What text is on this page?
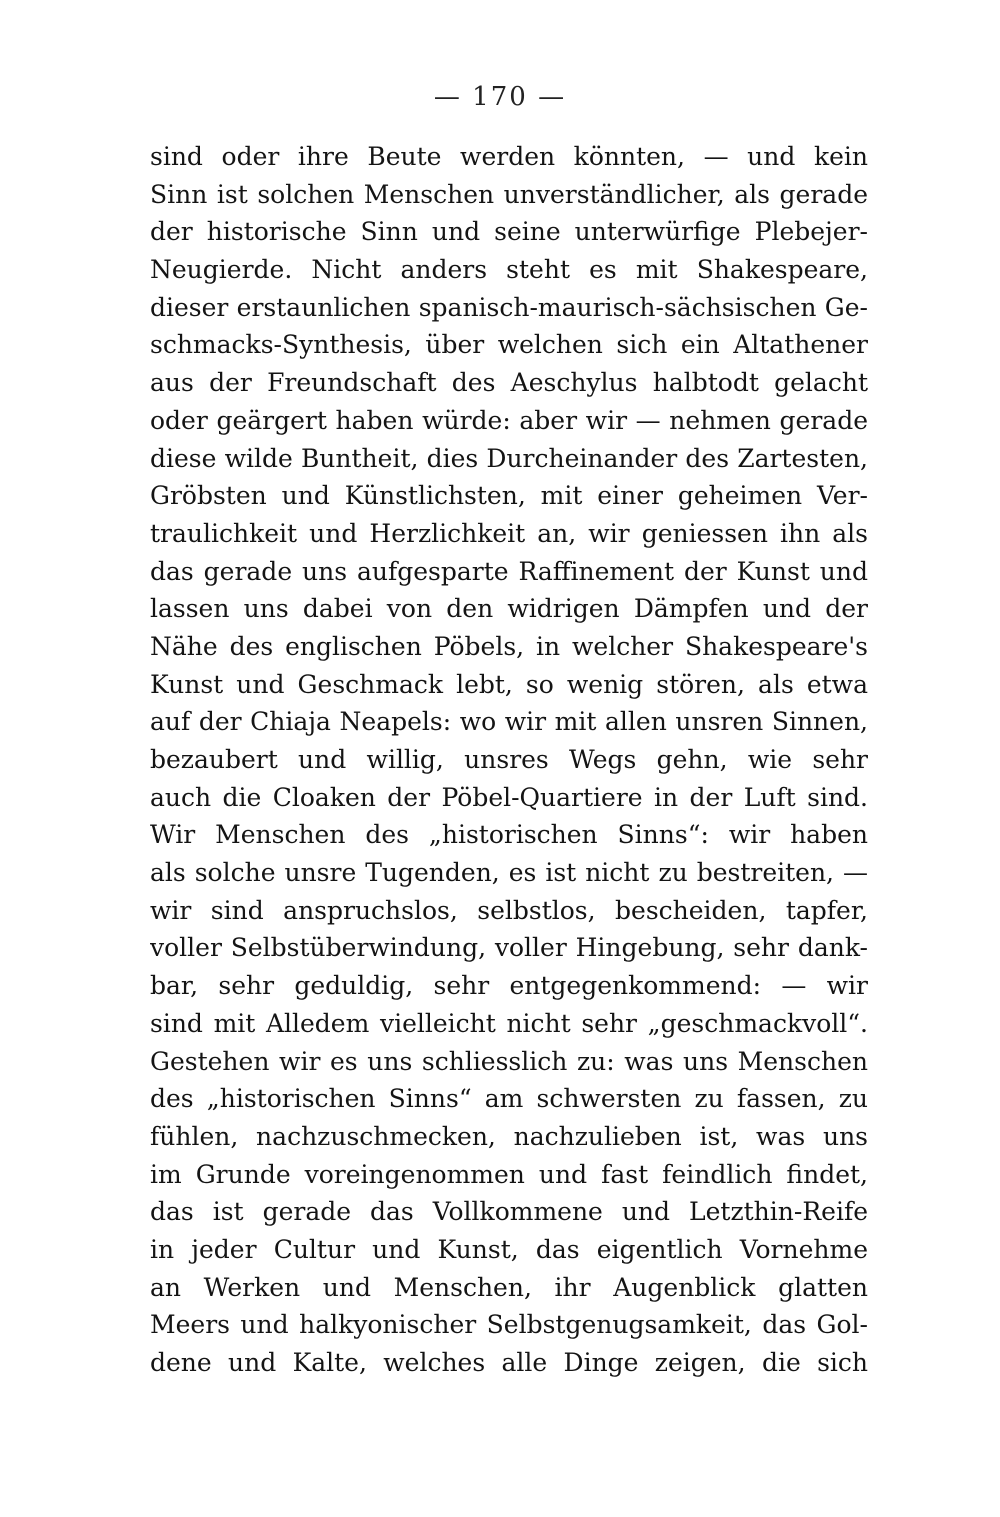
— 170 —
sind oder ihre Beute werden könnten, — und kein
Sinn ist solchen Menschen unverständlicher, als gerade
der historische Sinn und seine unterwürfige Plebejer-
Neugierde. Nicht anders steht es mit Shakespeare,
dieser erstaunlichen spanisch-maurisch-sächsischen Ge-
schmacks-Synthesis, über welchen sich ein Altathener
aus der Freundschaft des Aeschylus halbtodt gelacht
oder geärgert haben würde: aber wir — nehmen gerade
diese wilde Buntheit, dies Durcheinander des Zartesten,
Gröbsten und Künstlichsten, mit einer geheimen Ver-
traulichkeit und Herzlichkeit an, wir geniessen ihn als
das gerade uns aufgesparte Raffinement der Kunst und
lassen uns dabei von den widrigen Dämpfen und der
Nähe des englischen Pöbels, in welcher Shakespeare's
Kunst und Geschmack lebt, so wenig stören, als etwa
auf der Chiaja Neapels: wo wir mit allen unsren Sinnen,
bezaubert und willig, unsres Wegs gehn, wie sehr
auch die Cloaken der Pöbel-Quartiere in der Luft sind.
Wir Menschen des „historischen Sinns“: wir haben
als solche unsre Tugenden, es ist nicht zu bestreiten, —
wir sind anspruchslos, selbstlos, bescheiden, tapfer,
voller Selbstüberwindung, voller Hingebung, sehr dank-
bar, sehr geduldig, sehr entgegenkommend: — wir
sind mit Alledem vielleicht nicht sehr „geschmackvoll“.
Gestehen wir es uns schliesslich zu: was uns Menschen
des „historischen Sinns“ am schwersten zu fassen, zu
fühlen, nachzuschmecken, nachzulieben ist, was uns
im Grunde voreingenommen und fast feindlich findet,
das ist gerade das Vollkommene und Letzthin-Reife
in jeder Cultur und Kunst, das eigentlich Vornehme
an Werken und Menschen, ihr Augenblick glatten
Meers und halkyonischer Selbstgenugsamkeit, das Gol-
dene und Kalte, welches alle Dinge zeigen, die sich
